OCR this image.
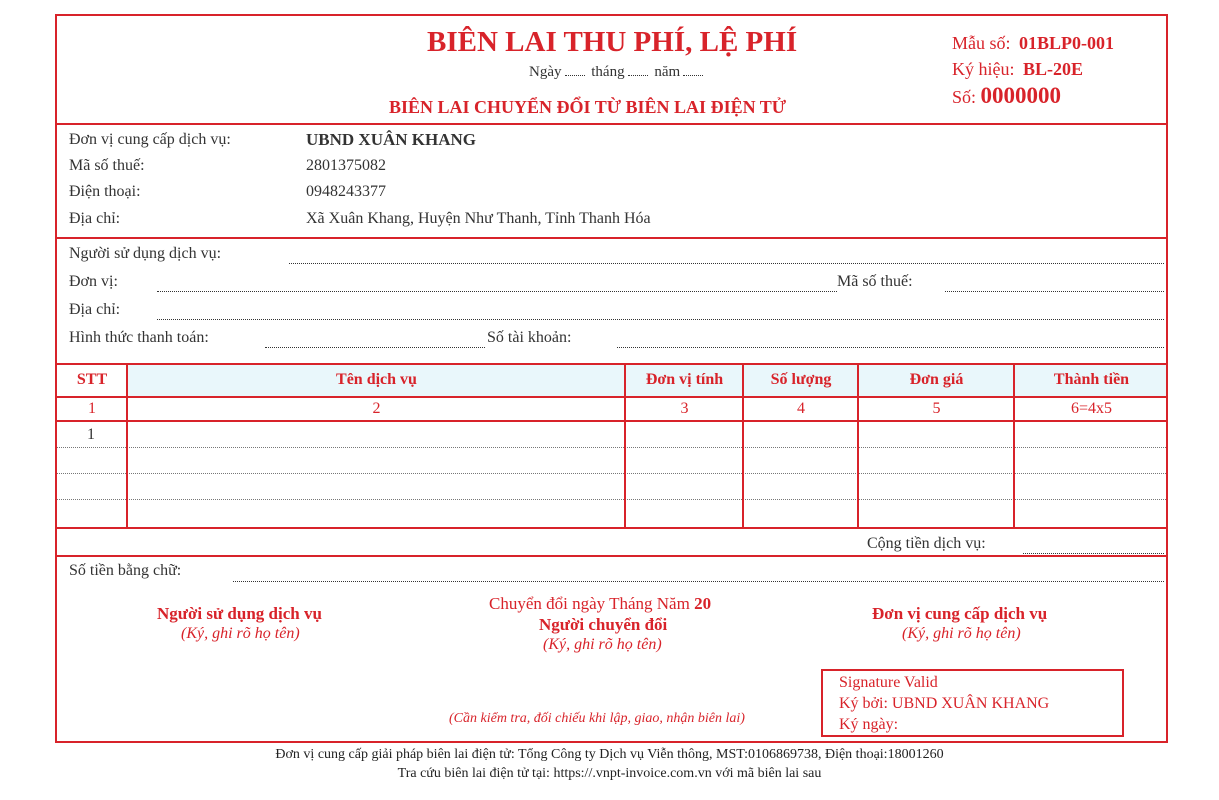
BIÊN LAI THU PHÍ, LỆ PHÍ
Ngày tháng năm
BIÊN LAI CHUYỂN ĐỔI TỪ BIÊN LAI ĐIỆN TỬ
Mẫu số: 01BLP0-001
Ký hiệu: BL-20E
Số: 0000000
Đơn vị cung cấp dịch vụ:	UBND XUÂN KHANG
Mã số thuế:	2801375082
Điện thoại:	0948243377
Địa chỉ:	Xã Xuân Khang, Huyện Như Thanh, Tỉnh Thanh Hóa
Người sử dụng dịch vụ:
Đơn vị:	Mã số thuế:
Địa chỉ:
Hình thức thanh toán:	Số tài khoản:
STT	Tên dịch vụ	Đơn vị tính	Số lượng	Đơn giá	Thành tiền
1	2	3	4	5	6=4x5
1
Cộng tiền dịch vụ:
Số tiền bằng chữ:
Người sử dụng dịch vụ
(Ký, ghi rõ họ tên)
Chuyển đổi ngày Tháng Năm 20
Người chuyển đổi
(Ký, ghi rõ họ tên)
Đơn vị cung cấp dịch vụ
(Ký, ghi rõ họ tên)
(Cần kiểm tra, đối chiếu khi lập, giao, nhận biên lai)
Signature Valid
Ký bởi: UBND XUÂN KHANG
Ký ngày:
Đơn vị cung cấp giải pháp biên lai điện tử: Tổng Công ty Dịch vụ Viễn thông, MST:0106869738, Điện thoại:18001260
Tra cứu biên lai điện tử tại: https://.vnpt-invoice.com.vn với mã biên lai sau
